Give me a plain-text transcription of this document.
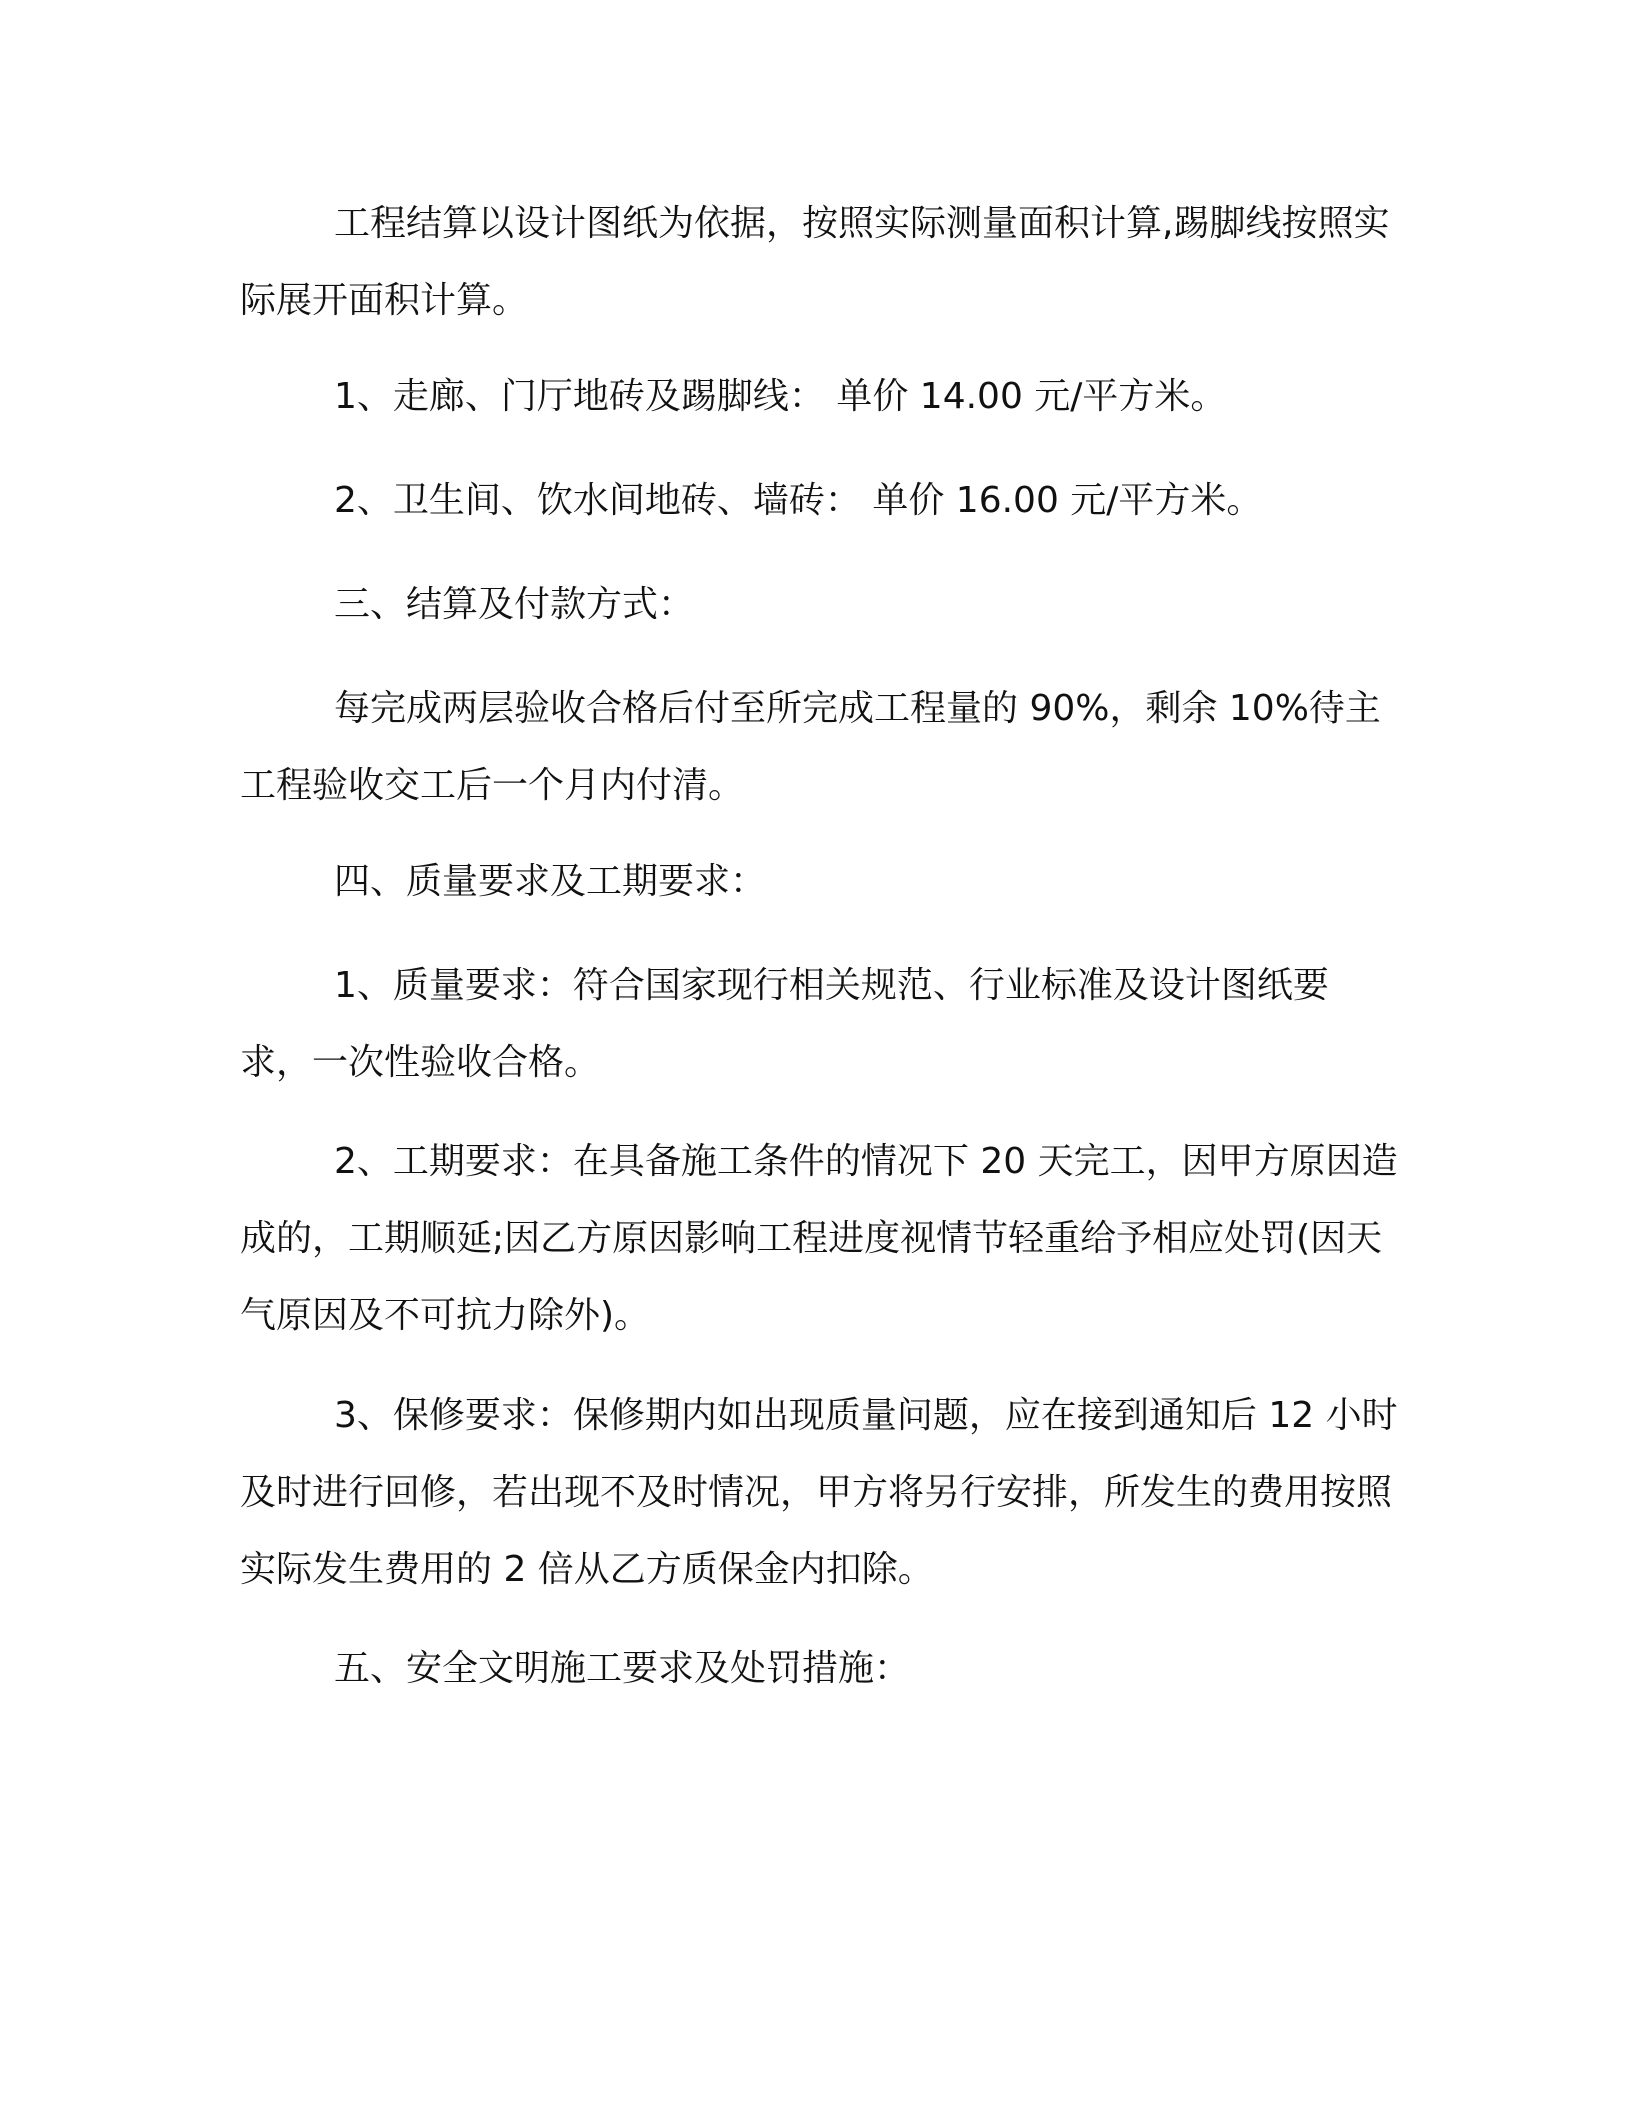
工程结算以设计图纸为依据，按照实际测量面积计算,踢脚线按照实际展开面积计算。

1、走廊、门厅地砖及踢脚线： 单价 14.00 元/平方米。

2、卫生间、饮水间地砖、墙砖： 单价 16.00 元/平方米。

三、结算及付款方式：

每完成两层验收合格后付至所完成工程量的 90%，剩余 10%待主工程验收交工后一个月内付清。

四、质量要求及工期要求：

1、质量要求：符合国家现行相关规范、行业标准及设计图纸要求，一次性验收合格。

2、工期要求：在具备施工条件的情况下 20 天完工，因甲方原因造成的，工期顺延;因乙方原因影响工程进度视情节轻重给予相应处罚(因天气原因及不可抗力除外)。

3、保修要求：保修期内如出现质量问题，应在接到通知后 12 小时及时进行回修，若出现不及时情况，甲方将另行安排，所发生的费用按照实际发生费用的 2 倍从乙方质保金内扣除。

五、安全文明施工要求及处罚措施：
